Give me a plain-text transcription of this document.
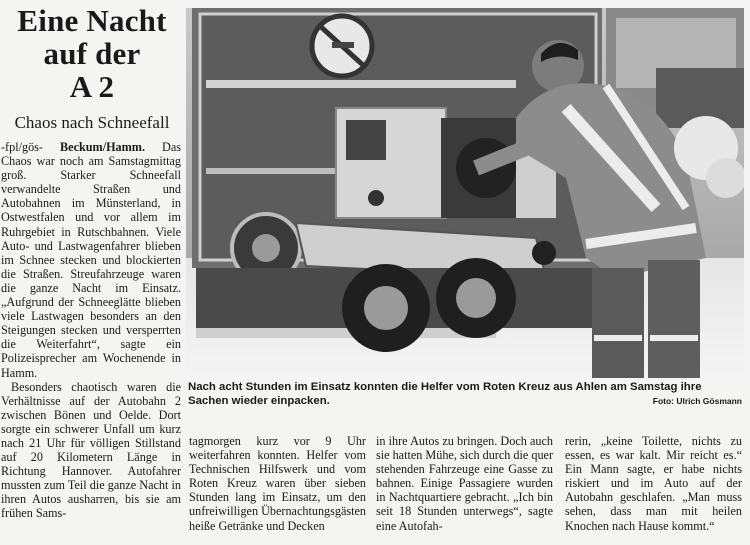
Eine Nacht
auf der
A 2
Chaos nach Schneefall

-fpl/gös- Beckum/Hamm. Das Chaos war noch am Samstagmittag groß. Starker Schneefall verwandelte Straßen und Autobahnen im Münsterland, in Ostwestfalen und vor allem im Ruhrgebiet in Rutschbahnen. Viele Auto- und Lastwagenfahrer blieben im Schnee stecken und blockierten die Straßen. Streufahrzeuge waren die ganze Nacht im Einsatz. „Aufgrund der Schneeglätte blieben viele Lastwagen besonders an den Steigungen stecken und versperrten die Weiterfahrt“, sagte ein Polizeisprecher am Wochenende in Hamm.

Besonders chaotisch waren die Verhältnisse auf der Autobahn 2 zwischen Bönen und Oelde. Dort sorgte ein schwerer Unfall um kurz nach 21 Uhr für völligen Stillstand auf 20 Kilometern Länge in Richtung Hannover. Autofahrer mussten zum Teil die ganze Nacht in ihren Autos ausharren, bis sie am frühen Sams-

Nach acht Stunden im Einsatz konnten die Helfer vom Roten Kreuz aus Ahlen am Samstag ihre Sachen wieder einpacken.	Foto: Ulrich Gösmann

tagmorgen kurz vor 9 Uhr weiterfahren konnten. Helfer vom Technischen Hilfswerk und vom Roten Kreuz waren über sieben Stunden lang im Einsatz, um den unfreiwilligen Übernachtungsgästen heiße Getränke und Decken

in ihre Autos zu bringen. Doch auch sie hatten Mühe, sich durch die quer stehenden Fahrzeuge eine Gasse zu bahnen. Einige Passagiere wurden in Nachtquartiere gebracht. „Ich bin seit 18 Stunden unterwegs“, sagte eine Autofah-

rerin, „keine Toilette, nichts zu essen, es war kalt. Mir reicht es.“ Ein Mann sagte, er habe nichts riskiert und im Auto auf der Autobahn geschlafen. „Man muss sehen, dass man mit heilen Knochen nach Hause kommt.“
